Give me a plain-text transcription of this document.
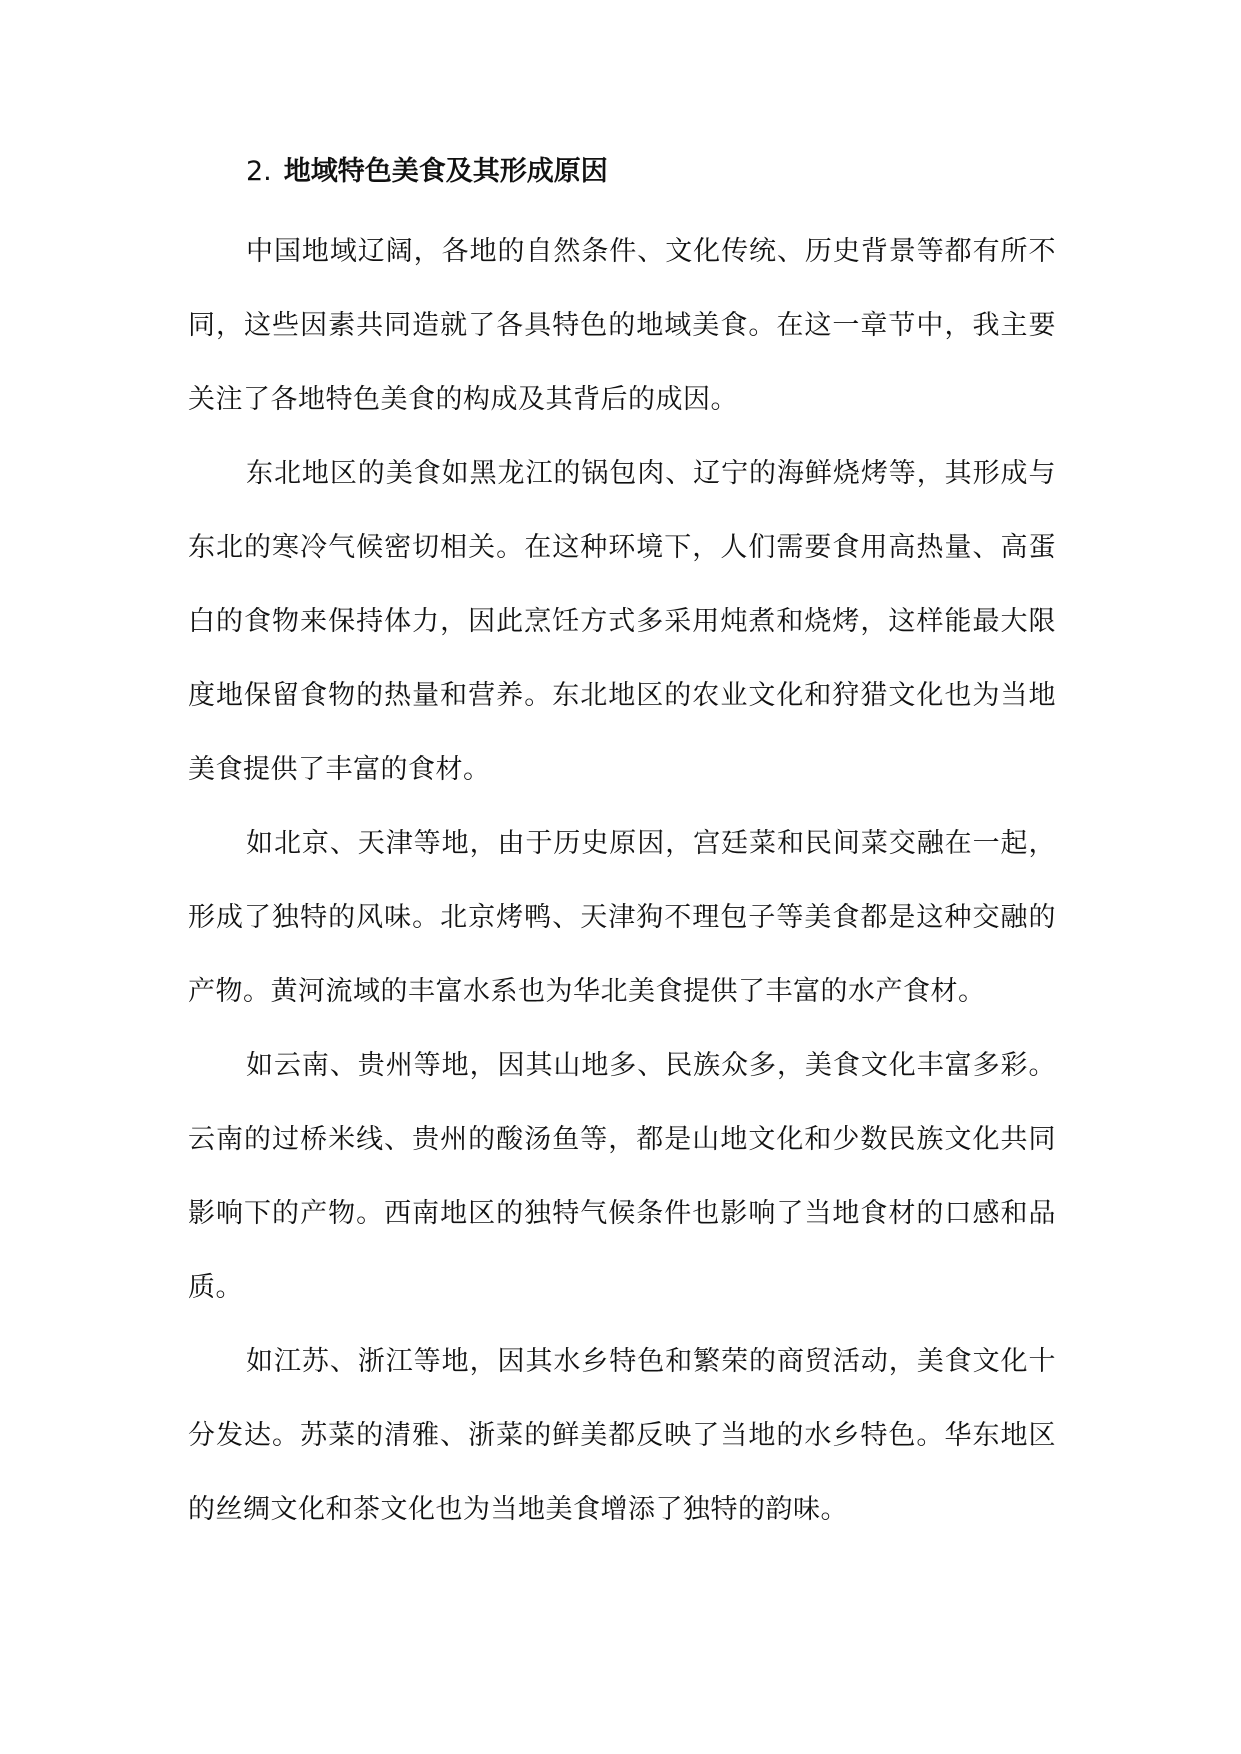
2. 地域特色美食及其形成原因

中国地域辽阔，各地的自然条件、文化传统、历史背景等都有所不同，这些因素共同造就了各具特色的地域美食。在这一章节中，我主要关注了各地特色美食的构成及其背后的成因。

东北地区的美食如黑龙江的锅包肉、辽宁的海鲜烧烤等，其形成与东北的寒冷气候密切相关。在这种环境下，人们需要食用高热量、高蛋白的食物来保持体力，因此烹饪方式多采用炖煮和烧烤，这样能最大限度地保留食物的热量和营养。东北地区的农业文化和狩猎文化也为当地美食提供了丰富的食材。

如北京、天津等地，由于历史原因，宫廷菜和民间菜交融在一起，形成了独特的风味。北京烤鸭、天津狗不理包子等美食都是这种交融的产物。黄河流域的丰富水系也为华北美食提供了丰富的水产食材。

如云南、贵州等地，因其山地多、民族众多，美食文化丰富多彩。云南的过桥米线、贵州的酸汤鱼等，都是山地文化和少数民族文化共同影响下的产物。西南地区的独特气候条件也影响了当地食材的口感和品质。

如江苏、浙江等地，因其水乡特色和繁荣的商贸活动，美食文化十分发达。苏菜的清雅、浙菜的鲜美都反映了当地的水乡特色。华东地区的丝绸文化和茶文化也为当地美食增添了独特的韵味。
